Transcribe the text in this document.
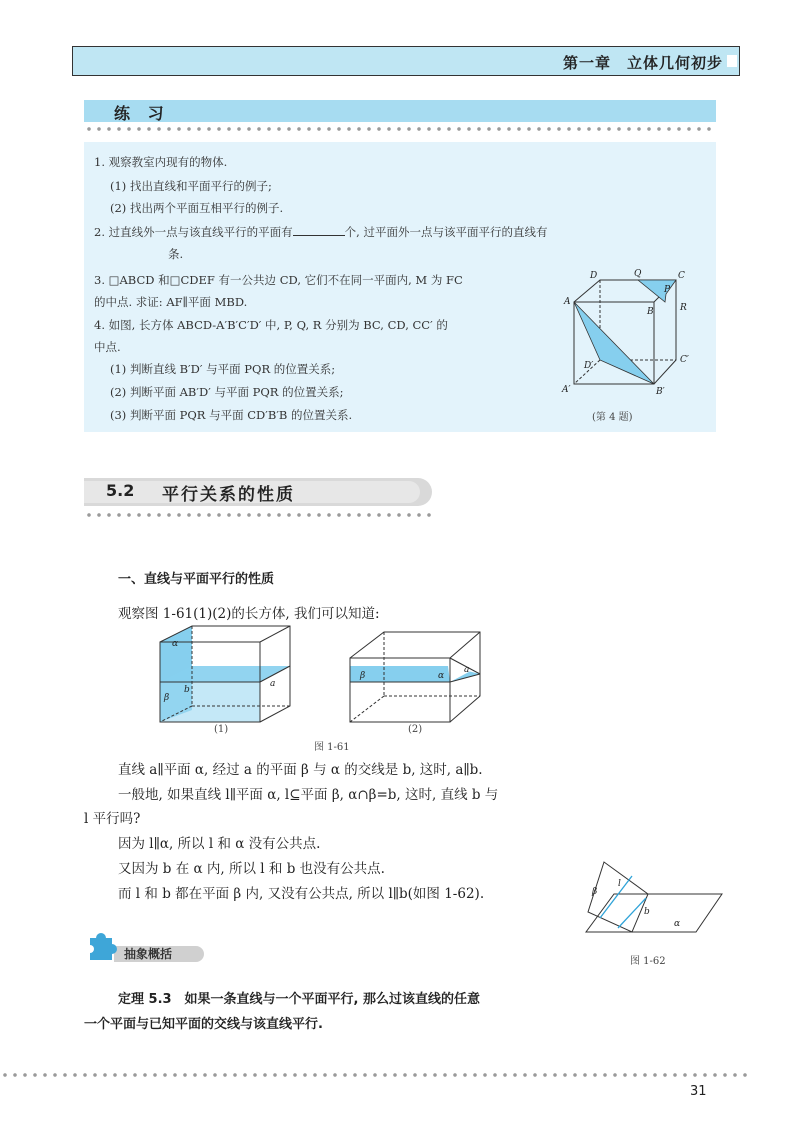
第一章　立体几何初步
练 习
1. 观察教室内现有的物体.
(1) 找出直线和平面平行的例子;
(2) 找出两个平面互相平行的例子.
2. 过直线外一点与该直线平行的平面有	个, 过平面外一点与该平面平行的直线有
条.
3. □ABCD 和□CDEF 有一公共边 CD, 它们不在同一平面内, M 为 FC
的中点. 求证: AF∥平面 MBD.
4. 如图, 长方体 ABCD-A′B′C′D′ 中, P, Q, R 分别为 BC, CD, CC′ 的
中点.
(1) 判断直线 B′D′ 与平面 PQR 的位置关系;
(2) 判断平面 AB′D′ 与平面 PQR 的位置关系;
(3) 判断平面 PQR 与平面 CD′B′B 的位置关系.
D	Q	C
A
P
B	R
C′
D′
A′	B′
(第 4 题)
5.2 平行关系的性质
一、直线与平面平行的性质
观察图 1-61(1)(2)的长方体, 我们可以知道:
α
β
b
a
(1)
β	α
a
(2)
图 1-61
直线 a∥平面 α, 经过 a 的平面 β 与 α 的交线是 b, 这时, a∥b.
一般地, 如果直线 l∥平面 α, l⊆平面 β, α∩β=b, 这时, 直线 b 与
l 平行吗?
因为 l∥α, 所以 l 和 α 没有公共点.
又因为 b 在 α 内, 所以 l 和 b 也没有公共点.
而 l 和 b 都在平面 β 内, 又没有公共点, 所以 l∥b(如图 1-62).	β
l
b
α
图 1-62
抽象概括
定理 5.3　如果一条直线与一个平面平行, 那么过该直线的任意
一个平面与已知平面的交线与该直线平行.
31
